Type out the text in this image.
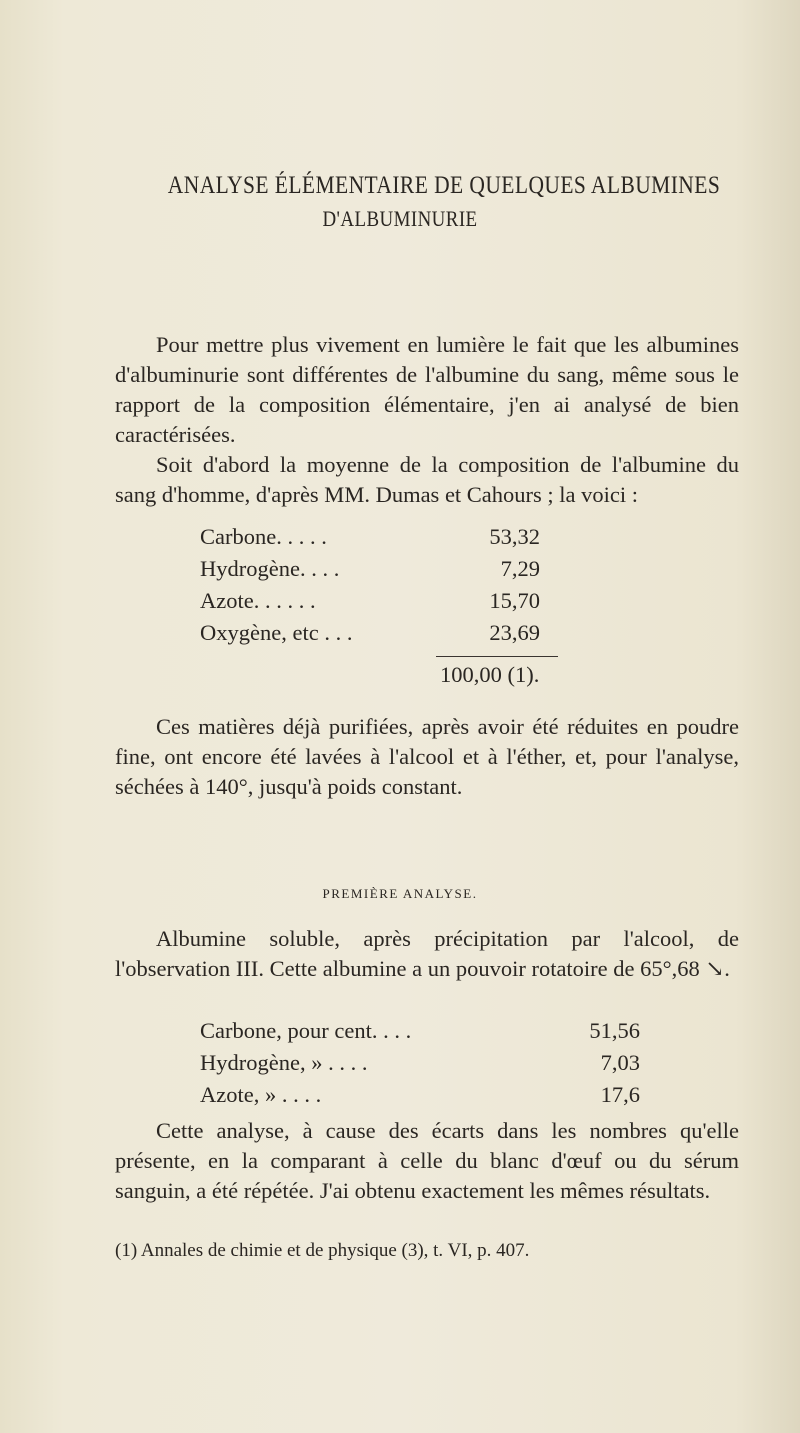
ANALYSE ÉLÉMENTAIRE DE QUELQUES ALBUMINES
D'ALBUMINURIE

Pour mettre plus vivement en lumière le fait que les albumines d'albuminurie sont différentes de l'albumine du sang, même sous le rapport de la composition élémentaire, j'en ai analysé de bien caractérisées.

Soit d'abord la moyenne de la composition de l'albumine du sang d'homme, d'après MM. Dumas et Cahours ; la voici :

Carbone. . . . .	53,32
Hydrogène. . . .	7,29
Azote. . . . . .	15,70
Oxygène, etc . . .	23,69
100,00 (1).

Ces matières déjà purifiées, après avoir été réduites en poudre fine, ont encore été lavées à l'alcool et à l'éther, et, pour l'analyse, séchées à 140°, jusqu'à poids constant.

PREMIÈRE ANALYSE.

Albumine soluble, après précipitation par l'alcool, de l'observation III. Cette albumine a un pouvoir rotatoire de 65°,68 ↘.

Carbone, pour cent. . . .	51,56
Hydrogène, » . . . .	7,03
Azote, » . . . .	17,6

Cette analyse, à cause des écarts dans les nombres qu'elle présente, en la comparant à celle du blanc d'œuf ou du sérum sanguin, a été répétée. J'ai obtenu exactement les mêmes résultats.

(1) Annales de chimie et de physique (3), t. VI, p. 407.
